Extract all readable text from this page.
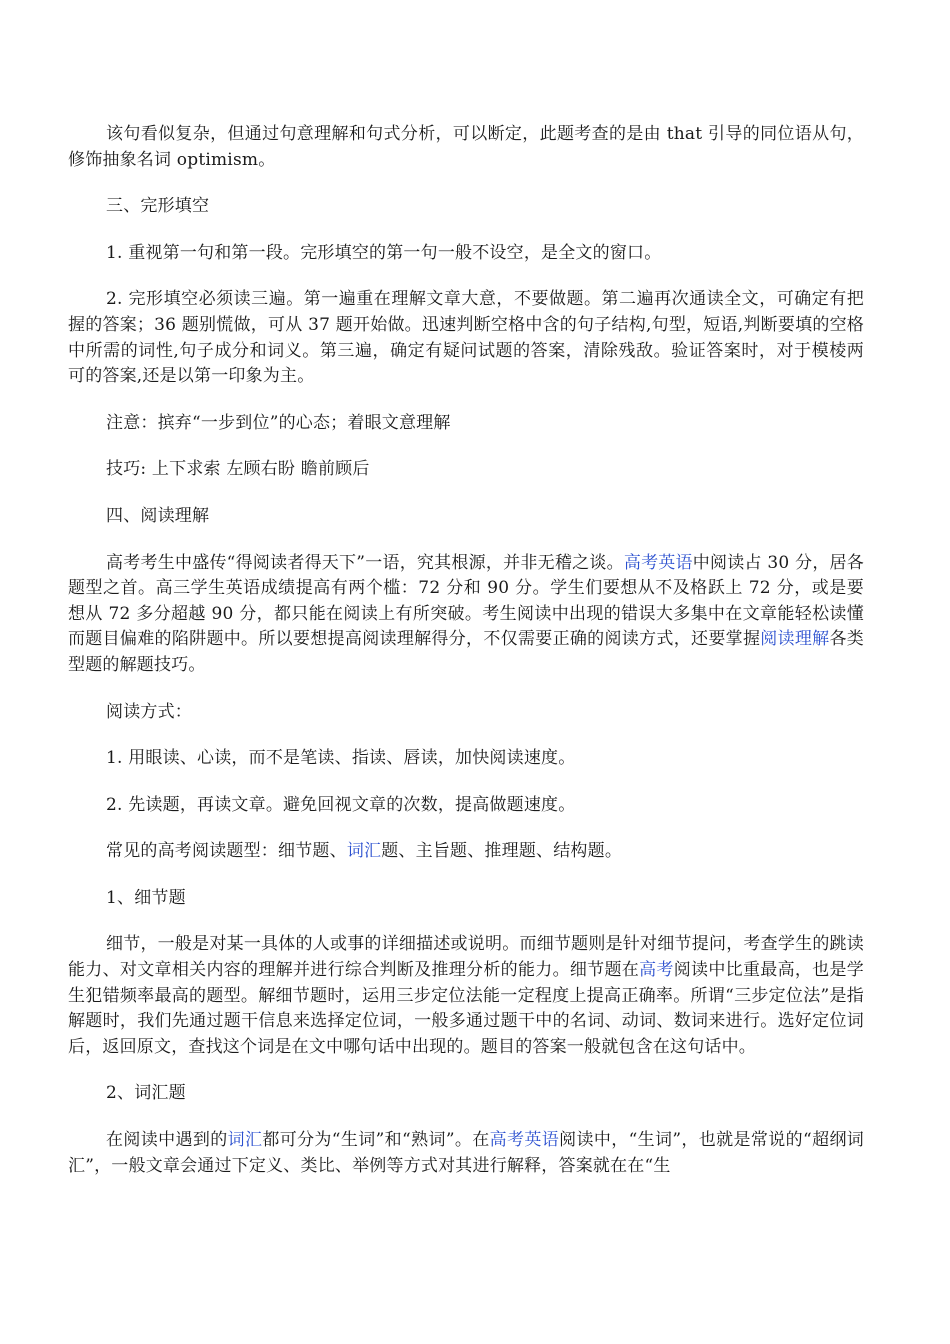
该句看似复杂，但通过句意理解和句式分析，可以断定，此题考查的是由 that 引导的同位语从句，修饰抽象名词 optimism。

三、完形填空

1. 重视第一句和第一段。完形填空的第一句一般不设空，是全文的窗口。

2. 完形填空必须读三遍。第一遍重在理解文章大意，不要做题。第二遍再次通读全文，可确定有把握的答案；36 题别慌做，可从 37 题开始做。迅速判断空格中含的句子结构,句型，短语,判断要填的空格中所需的词性,句子成分和词义。第三遍，确定有疑问试题的答案，清除残敌。验证答案时，对于模棱两可的答案,还是以第一印象为主。

注意：摈弃“一步到位”的心态；着眼文意理解

技巧: 上下求索 左顾右盼 瞻前顾后

四、阅读理解

高考考生中盛传“得阅读者得天下”一语，究其根源，并非无稽之谈。高考英语中阅读占 30 分，居各题型之首。高三学生英语成绩提高有两个槛：72 分和 90 分。学生们要想从不及格跃上 72 分，或是要想从 72 多分超越 90 分，都只能在阅读上有所突破。考生阅读中出现的错误大多集中在文章能轻松读懂而题目偏难的陷阱题中。所以要想提高阅读理解得分，不仅需要正确的阅读方式，还要掌握阅读理解各类型题的解题技巧。

阅读方式：

1. 用眼读、心读，而不是笔读、指读、唇读，加快阅读速度。

2. 先读题，再读文章。避免回视文章的次数，提高做题速度。

常见的高考阅读题型：细节题、词汇题、主旨题、推理题、结构题。

1、细节题

细节，一般是对某一具体的人或事的详细描述或说明。而细节题则是针对细节提问，考查学生的跳读能力、对文章相关内容的理解并进行综合判断及推理分析的能力。细节题在高考阅读中比重最高，也是学生犯错频率最高的题型。解细节题时，运用三步定位法能一定程度上提高正确率。所谓“三步定位法”是指解题时，我们先通过题干信息来选择定位词，一般多通过题干中的名词、动词、数词来进行。选好定位词后，返回原文，查找这个词是在文中哪句话中出现的。题目的答案一般就包含在这句话中。

2、词汇题

在阅读中遇到的词汇都可分为“生词”和“熟词”。在高考英语阅读中，“生词”，也就是常说的“超纲词汇”，一般文章会通过下定义、类比、举例等方式对其进行解释，答案就在在“生
